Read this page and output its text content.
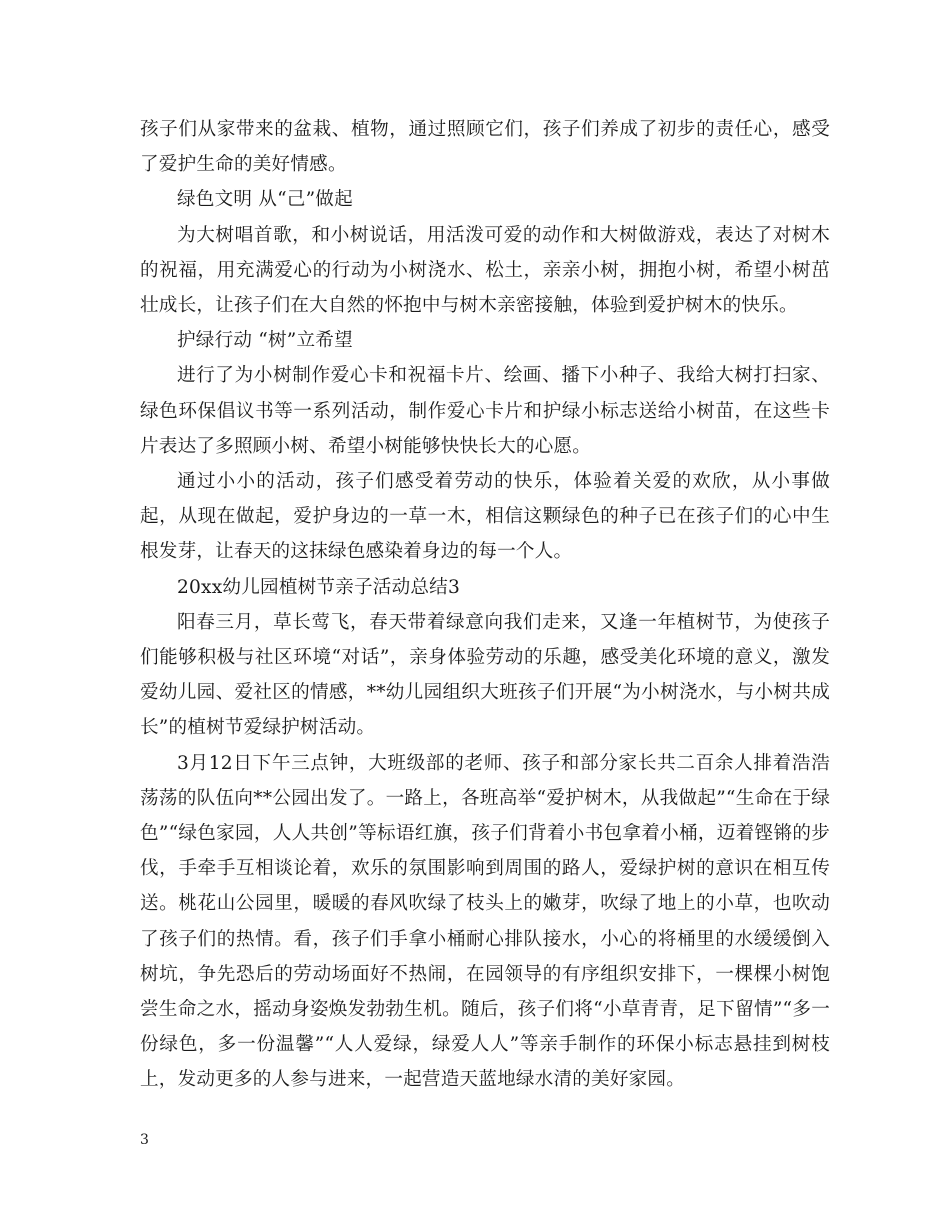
孩子们从家带来的盆栽、植物，通过照顾它们，孩子们养成了初步的责任心，感受了爱护生命的美好情感。

绿色文明 从“己”做起

为大树唱首歌，和小树说话，用活泼可爱的动作和大树做游戏，表达了对树木的祝福，用充满爱心的行动为小树浇水、松土，亲亲小树，拥抱小树，希望小树茁壮成长，让孩子们在大自然的怀抱中与树木亲密接触，体验到爱护树木的快乐。

护绿行动 “树”立希望

进行了为小树制作爱心卡和祝福卡片、绘画、播下小种子、我给大树打扫家、绿色环保倡议书等一系列活动，制作爱心卡片和护绿小标志送给小树苗，在这些卡片表达了多照顾小树、希望小树能够快快长大的心愿。

通过小小的活动，孩子们感受着劳动的快乐，体验着关爱的欢欣，从小事做起，从现在做起，爱护身边的一草一木，相信这颗绿色的种子已在孩子们的心中生根发芽，让春天的这抹绿色感染着身边的每一个人。

20xx幼儿园植树节亲子活动总结3

阳春三月，草长莺飞，春天带着绿意向我们走来，又逢一年植树节，为使孩子们能够积极与社区环境“对话”，亲身体验劳动的乐趣，感受美化环境的意义，激发爱幼儿园、爱社区的情感，**幼儿园组织大班孩子们开展“为小树浇水，与小树共成长”的植树节爱绿护树活动。

3月12日下午三点钟，大班级部的老师、孩子和部分家长共二百余人排着浩浩荡荡的队伍向**公园出发了。一路上，各班高举“爱护树木，从我做起”“生命在于绿色”“绿色家园，人人共创”等标语红旗，孩子们背着小书包拿着小桶，迈着铿锵的步伐，手牵手互相谈论着，欢乐的氛围影响到周围的路人，爱绿护树的意识在相互传送。桃花山公园里，暖暖的春风吹绿了枝头上的嫩芽，吹绿了地上的小草，也吹动了孩子们的热情。看，孩子们手拿小桶耐心排队接水，小心的将桶里的水缓缓倒入树坑，争先恐后的劳动场面好不热闹，在园领导的有序组织安排下，一棵棵小树饱尝生命之水，摇动身姿焕发勃勃生机。随后，孩子们将“小草青青，足下留情”“多一份绿色，多一份温馨”“人人爱绿，绿爱人人”等亲手制作的环保小标志悬挂到树枝上，发动更多的人参与进来，一起营造天蓝地绿水清的美好家园。

3
